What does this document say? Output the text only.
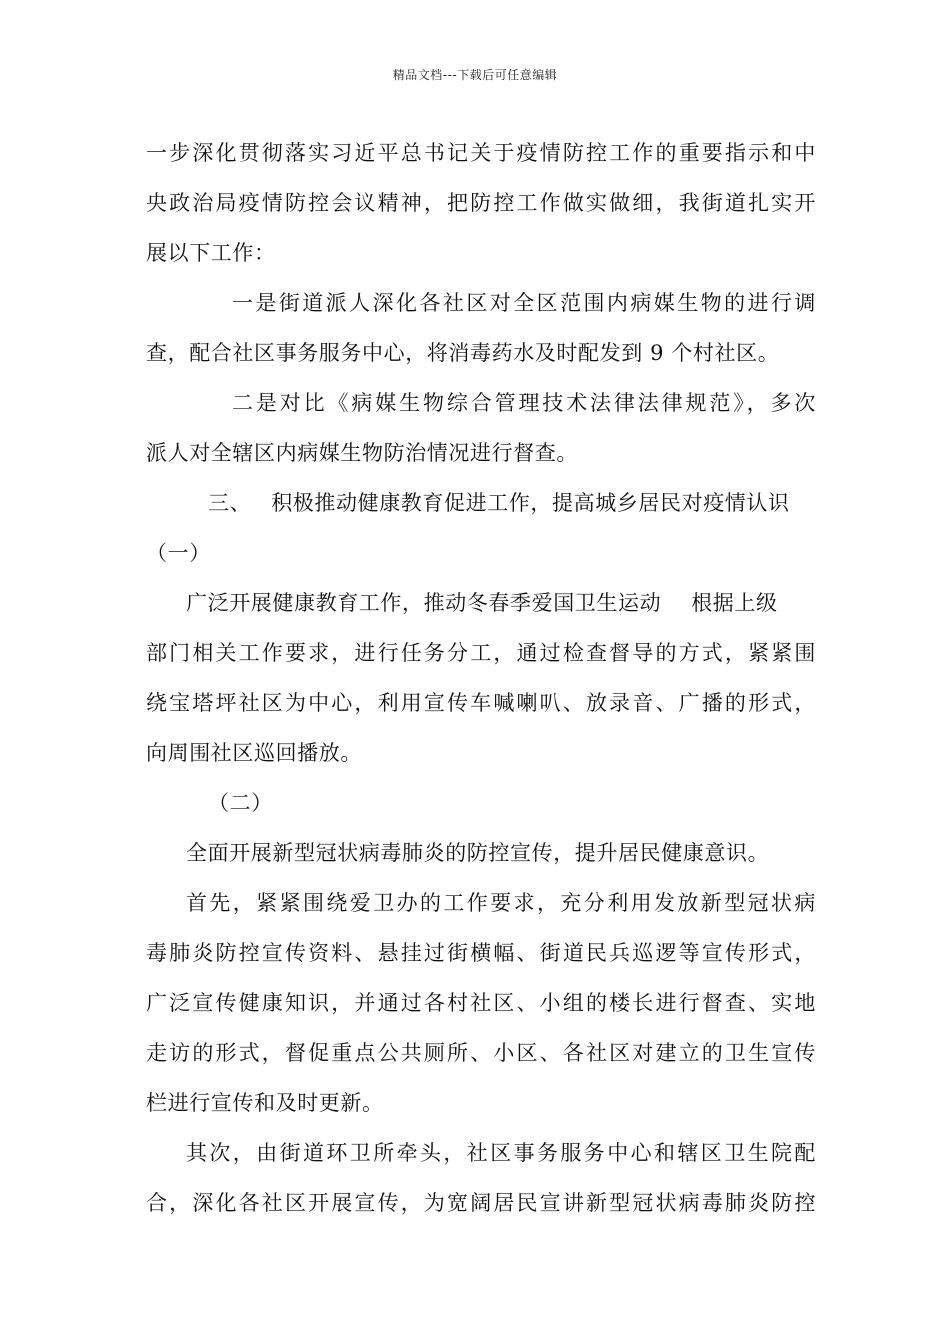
精品文档---下载后可任意编辑
一步深化贯彻落实习近平总书记关于疫情防控工作的重要指示和中
央政治局疫情防控会议精神，把防控工作做实做细，我街道扎实开
展以下工作：
一是街道派人深化各社区对全区范围内病媒生物的进行调
查，配合社区事务服务中心，将消毒药水及时配发到 9 个村社区。
二是对比《病媒生物综合管理技术法律法律规范》，多次
派人对全辖区内病媒生物防治情况进行督查。
三、 积极推动健康教育促进工作，提高城乡居民对疫情认识
（一）
广泛开展健康教育工作，推动冬春季爱国卫生运动 根据上级
部门相关工作要求，进行任务分工，通过检查督导的方式，紧紧围
绕宝塔坪社区为中心，利用宣传车喊喇叭、放录音、广播的形式，
向周围社区巡回播放。
（二）
全面开展新型冠状病毒肺炎的防控宣传，提升居民健康意识。
首先，紧紧围绕爱卫办的工作要求，充分利用发放新型冠状病
毒肺炎防控宣传资料、悬挂过街横幅、街道民兵巡逻等宣传形式，
广泛宣传健康知识，并通过各村社区、小组的楼长进行督查、实地
走访的形式，督促重点公共厕所、小区、各社区对建立的卫生宣传
栏进行宣传和及时更新。
其次，由街道环卫所牵头，社区事务服务中心和辖区卫生院配
合，深化各社区开展宣传，为宽阔居民宣讲新型冠状病毒肺炎防控
